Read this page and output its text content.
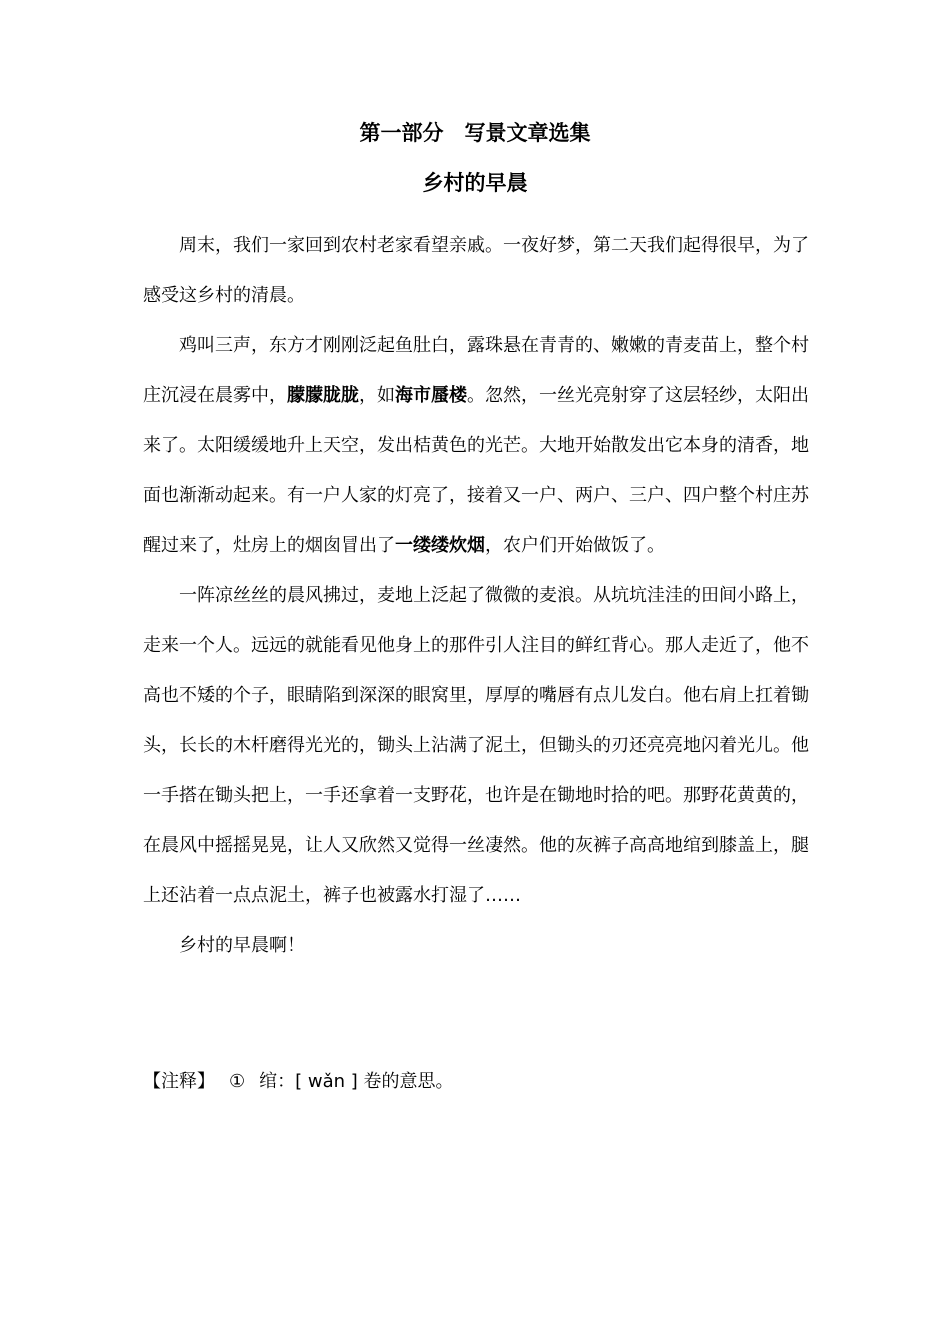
第一部分　写景文章选集
乡村的早晨

周末，我们一家回到农村老家看望亲戚。一夜好梦，第二天我们起得很早，为了感受这乡村的清晨。

鸡叫三声，东方才刚刚泛起鱼肚白，露珠悬在青青的、嫩嫩的青麦苗上，整个村庄沉浸在晨雾中，朦朦胧胧，如海市蜃楼。忽然，一丝光亮射穿了这层轻纱，太阳出来了。太阳缓缓地升上天空，发出桔黄色的光芒。大地开始散发出它本身的清香，地面也渐渐动起来。有一户人家的灯亮了，接着又一户、两户、三户、四户整个村庄苏醒过来了，灶房上的烟囱冒出了一缕缕炊烟，农户们开始做饭了。

一阵凉丝丝的晨风拂过，麦地上泛起了微微的麦浪。从坑坑洼洼的田间小路上，走来一个人。远远的就能看见他身上的那件引人注目的鲜红背心。那人走近了，他不高也不矮的个子，眼睛陷到深深的眼窝里，厚厚的嘴唇有点儿发白。他右肩上扛着锄头，长长的木杆磨得光光的，锄头上沾满了泥土，但锄头的刃还亮亮地闪着光儿。他一手搭在锄头把上，一手还拿着一支野花，也许是在锄地时拾的吧。那野花黄黄的，在晨风中摇摇晃晃，让人又欣然又觉得一丝凄然。他的灰裤子高高地绾到膝盖上，腿上还沾着一点点泥土，裤子也被露水打湿了……

乡村的早晨啊！

【注释】 ① 绾：[ wǎn ] 卷的意思。
